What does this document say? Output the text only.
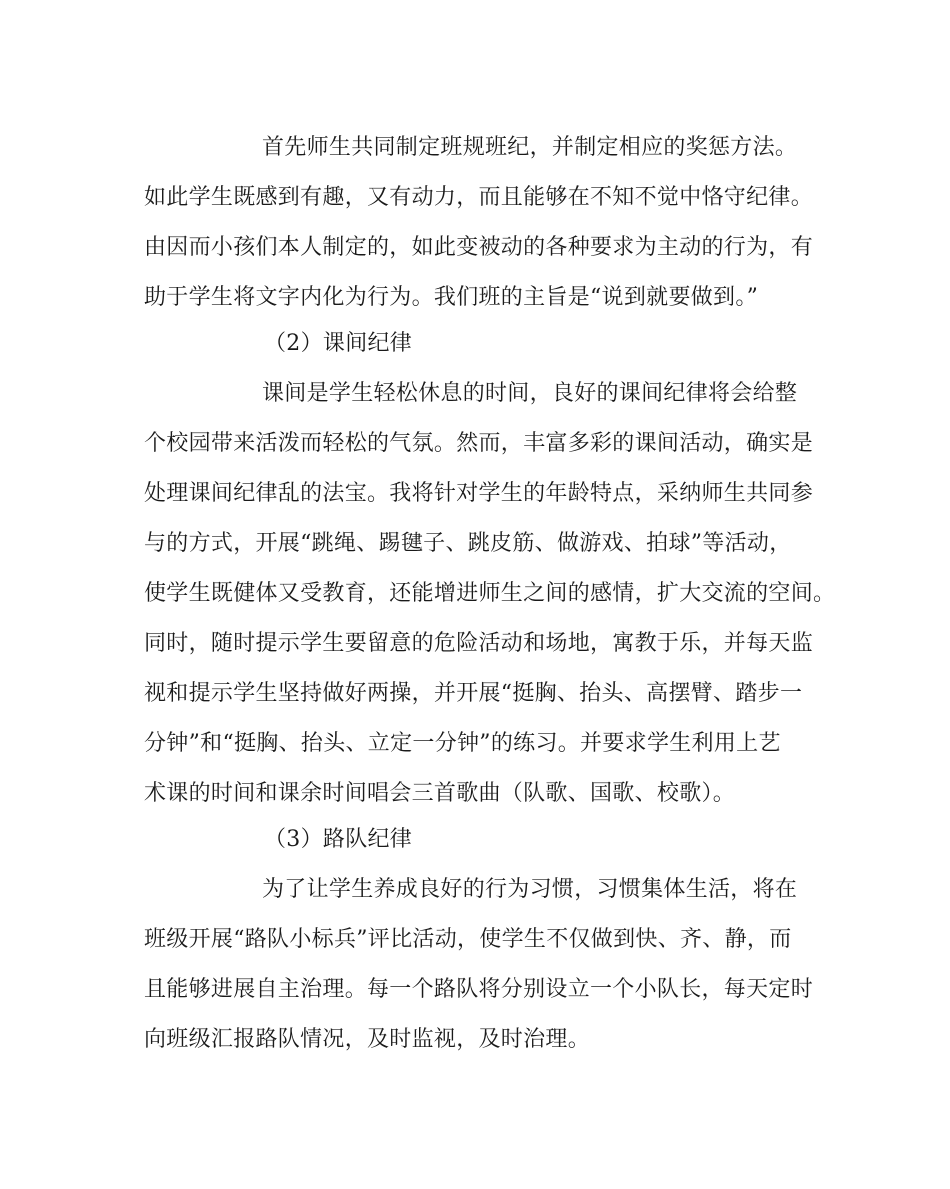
首先师生共同制定班规班纪，并制定相应的奖惩方法。
如此学生既感到有趣，又有动力，而且能够在不知不觉中恪守纪律。
由因而小孩们本人制定的，如此变被动的各种要求为主动的行为，有
助于学生将文字内化为行为。我们班的主旨是“说到就要做到。”
（2）课间纪律
课间是学生轻松休息的时间，良好的课间纪律将会给整
个校园带来活泼而轻松的气氛。然而，丰富多彩的课间活动，确实是
处理课间纪律乱的法宝。我将针对学生的年龄特点，采纳师生共同参
与的方式，开展“跳绳、踢毽子、跳皮筋、做游戏、拍球”等活动，
使学生既健体又受教育，还能增进师生之间的感情，扩大交流的空间。
同时，随时提示学生要留意的危险活动和场地，寓教于乐，并每天监
视和提示学生坚持做好两操，并开展“挺胸、抬头、高摆臂、踏步一
分钟”和“挺胸、抬头、立定一分钟”的练习。并要求学生利用上艺
术课的时间和课余时间唱会三首歌曲（队歌、国歌、校歌）。
（3）路队纪律
为了让学生养成良好的行为习惯，习惯集体生活，将在
班级开展“路队小标兵”评比活动，使学生不仅做到快、齐、静，而
且能够进展自主治理。每一个路队将分别设立一个小队长，每天定时
向班级汇报路队情况，及时监视，及时治理。
